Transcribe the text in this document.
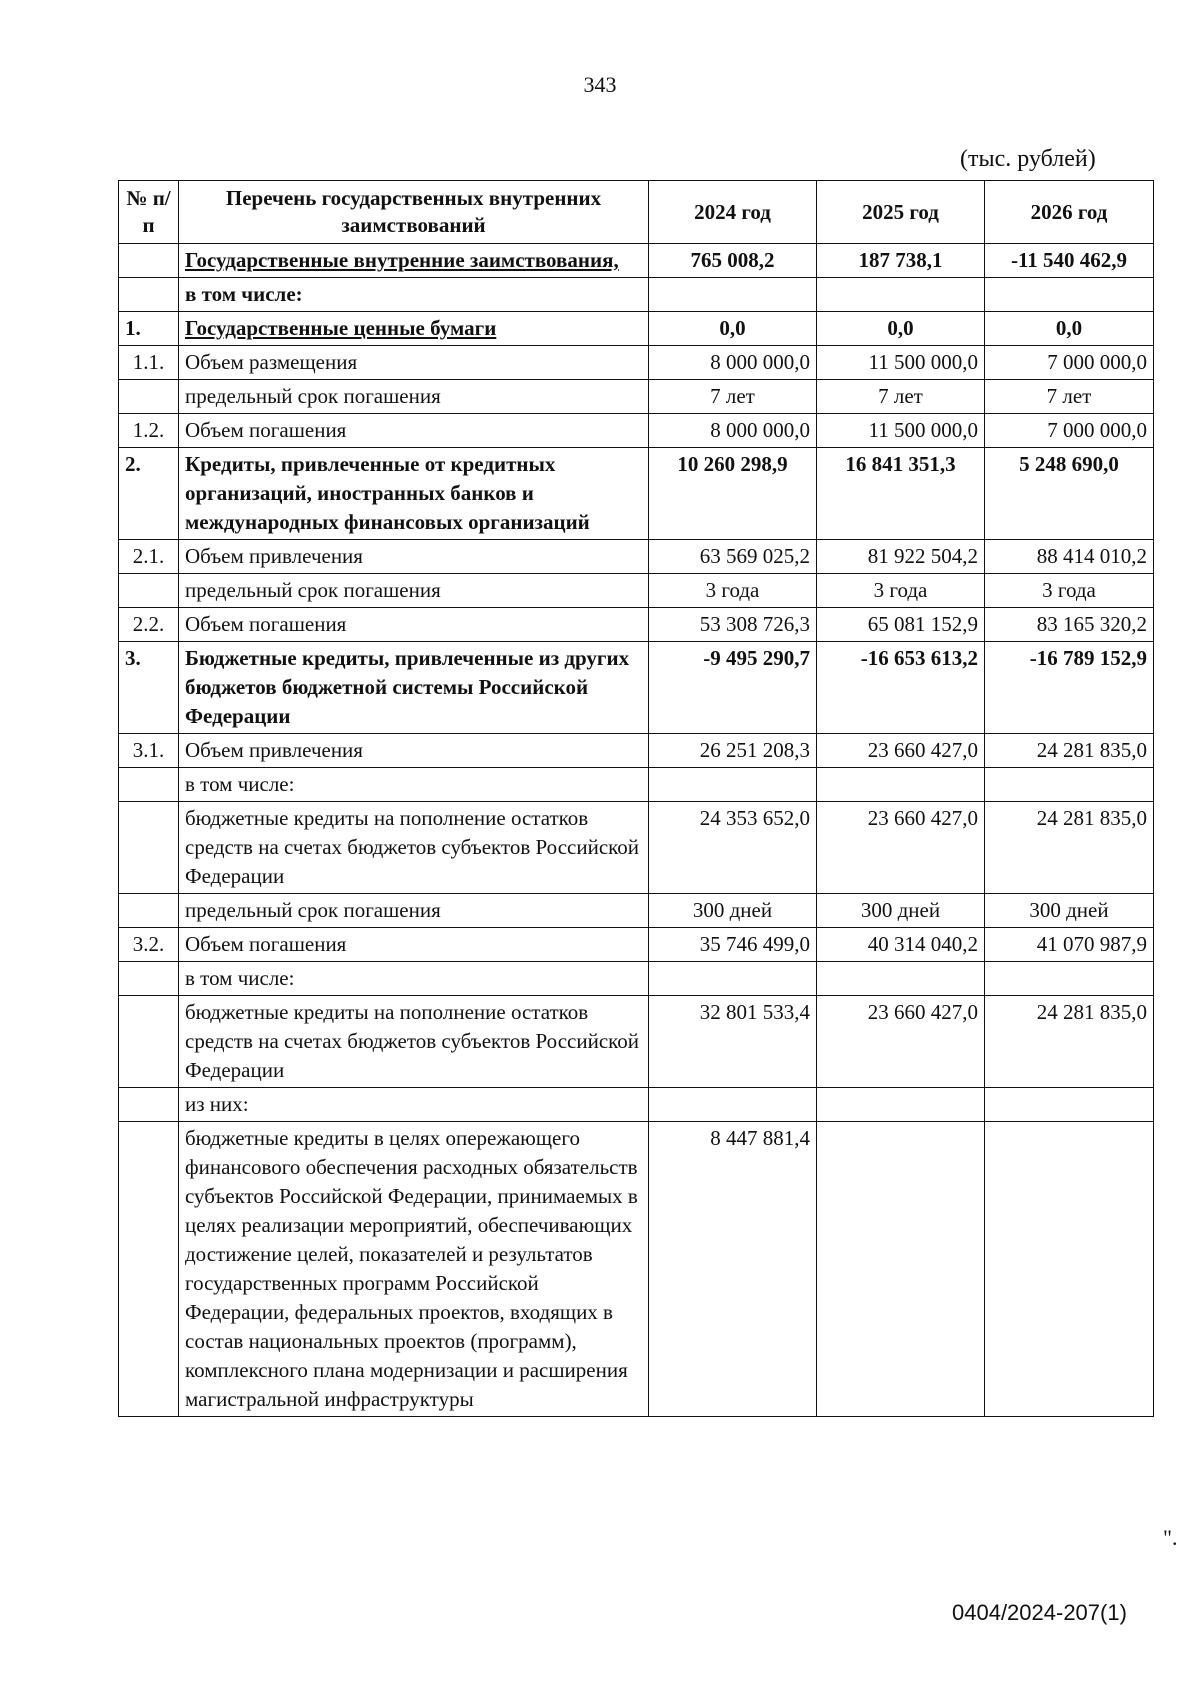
343
(тыс. рублей)
№ п/п	Перечень государственных внутренних заимствований	2024 год	2025 год	2026 год
	Государственные внутренние заимствования,	765 008,2	187 738,1	-11 540 462,9
	в том числе:			
1.	Государственные ценные бумаги	0,0	0,0	0,0
1.1.	Объем размещения	8 000 000,0	11 500 000,0	7 000 000,0
	предельный срок погашения	7 лет	7 лет	7 лет
1.2.	Объем погашения	8 000 000,0	11 500 000,0	7 000 000,0
2.	Кредиты, привлеченные от кредитных организаций, иностранных банков и международных финансовых организаций	10 260 298,9	16 841 351,3	5 248 690,0
2.1.	Объем привлечения	63 569 025,2	81 922 504,2	88 414 010,2
	предельный срок погашения	3 года	3 года	3 года
2.2.	Объем погашения	53 308 726,3	65 081 152,9	83 165 320,2
3.	Бюджетные кредиты, привлеченные из других бюджетов бюджетной системы Российской Федерации	-9 495 290,7	-16 653 613,2	-16 789 152,9
3.1.	Объем привлечения	26 251 208,3	23 660 427,0	24 281 835,0
	в том числе:			
	бюджетные кредиты на пополнение остатков средств на счетах бюджетов субъектов Российской Федерации	24 353 652,0	23 660 427,0	24 281 835,0
	предельный срок погашения	300 дней	300 дней	300 дней
3.2.	Объем погашения	35 746 499,0	40 314 040,2	41 070 987,9
	в том числе:			
	бюджетные кредиты на пополнение остатков средств на счетах бюджетов субъектов Российской Федерации	32 801 533,4	23 660 427,0	24 281 835,0
	из них:			
	бюджетные кредиты в целях опережающего финансового обеспечения расходных обязательств субъектов Российской Федерации, принимаемых в целях реализации мероприятий, обеспечивающих достижение целей, показателей и результатов государственных программ Российской Федерации, федеральных проектов, входящих в состав национальных проектов (программ), комплексного плана модернизации и расширения магистральной инфраструктуры	8 447 881,4		
".
0404/2024-207(1)
